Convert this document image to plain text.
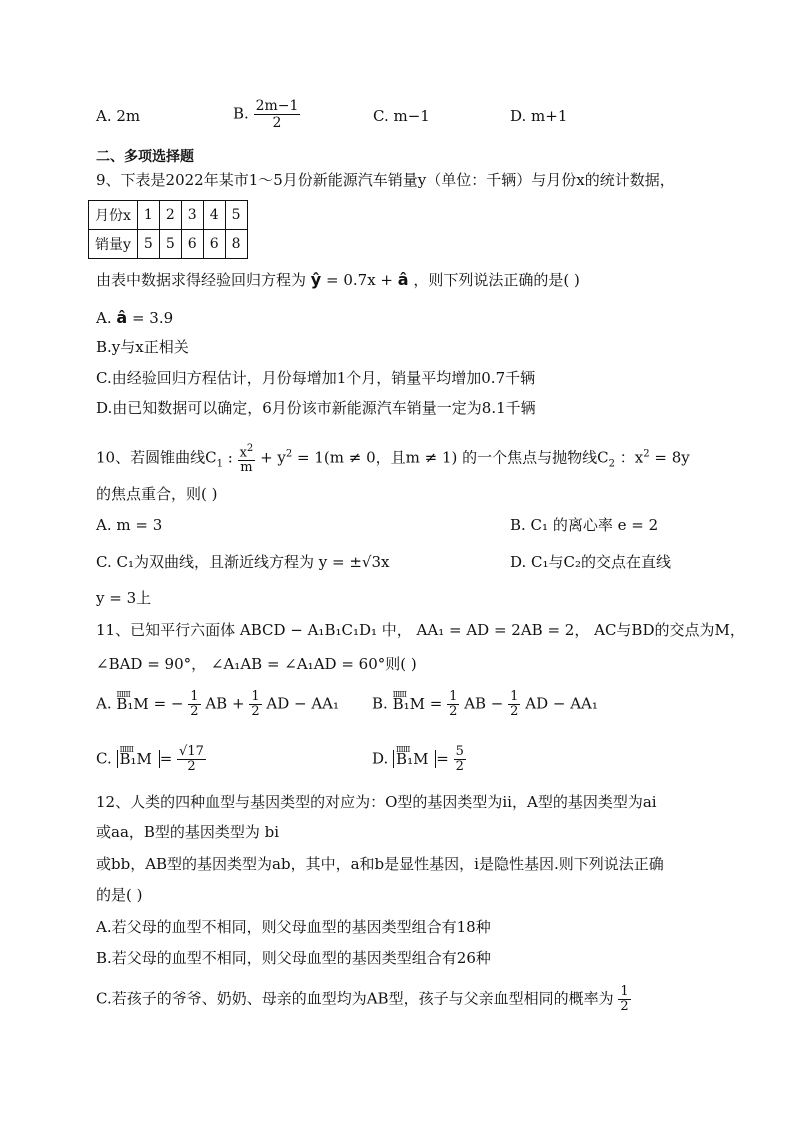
A. 2m	B. $\frac{2m-1}{2}$	C. m−1	D. m+1
二、多项选择题
9、下表是2022年某市1～5月份新能源汽车销量y（单位：千辆）与月份x的统计数据，
月份x	1	2	3	4	5
销量y	5	5	6	6	8
由表中数据求得经验回归方程为 ŷ = 0.7x + â ，则下列说法正确的是( )
A. â = 3.9
B.y与x正相关
C.由经验回归方程估计，月份每增加1个月，销量平均增加0.7千辆
D.由已知数据可以确定，6月份该市新能源汽车销量一定为8.1千辆
10、若圆锥曲线$C_1$ : $\frac{x^2}{m} + y^2 = 1(m \ne 0$，且m ≠ 1) 的一个焦点与抛物线$C_2$ ：$x^2 = 8y$
的焦点重合，则( )
A. m = 3	B. C₁ 的离心率 e = 2
C. C₁为双曲线，且渐近线方程为 y = ±√3x	D. C₁与C₂的交点在直线
y = 3上
11、已知平行六面体 ABCD − A₁B₁C₁D₁ 中， AA₁ = AD = 2AB = 2， AC与BD的交点为M，
∠BAD = 90°， ∠A₁AB = ∠A₁AD = 60°则( )
A. ⅢⅢ B₁M = − $\frac{1}{2}$ AB + $\frac{1}{2}$ AD − AA₁ B. ⅢⅢ $B_1M = \frac{1}{2}$ AB − $\frac{1}{2}$ AD − AA₁
C. ⅢⅢ $B_1M = \frac{√17}{2}$	D. ⅢⅢ $B_1M = \frac{5}{2}$
12、人类的四种血型与基因类型的对应为：O型的基因类型为ii，A型的基因类型为ai
或aa，B型的基因类型为 bi
或bb，AB型的基因类型为ab，其中，a和b是显性基因，i是隐性基因.则下列说法正确
的是( )
A.若父母的血型不相同，则父母血型的基因类型组合有18种
B.若父母的血型不相同，则父母血型的基因类型组合有26种
C.若孩子的爷爷、奶奶、母亲的血型均为AB型，孩子与父亲血型相同的概率为 $\frac{1}{2}$
